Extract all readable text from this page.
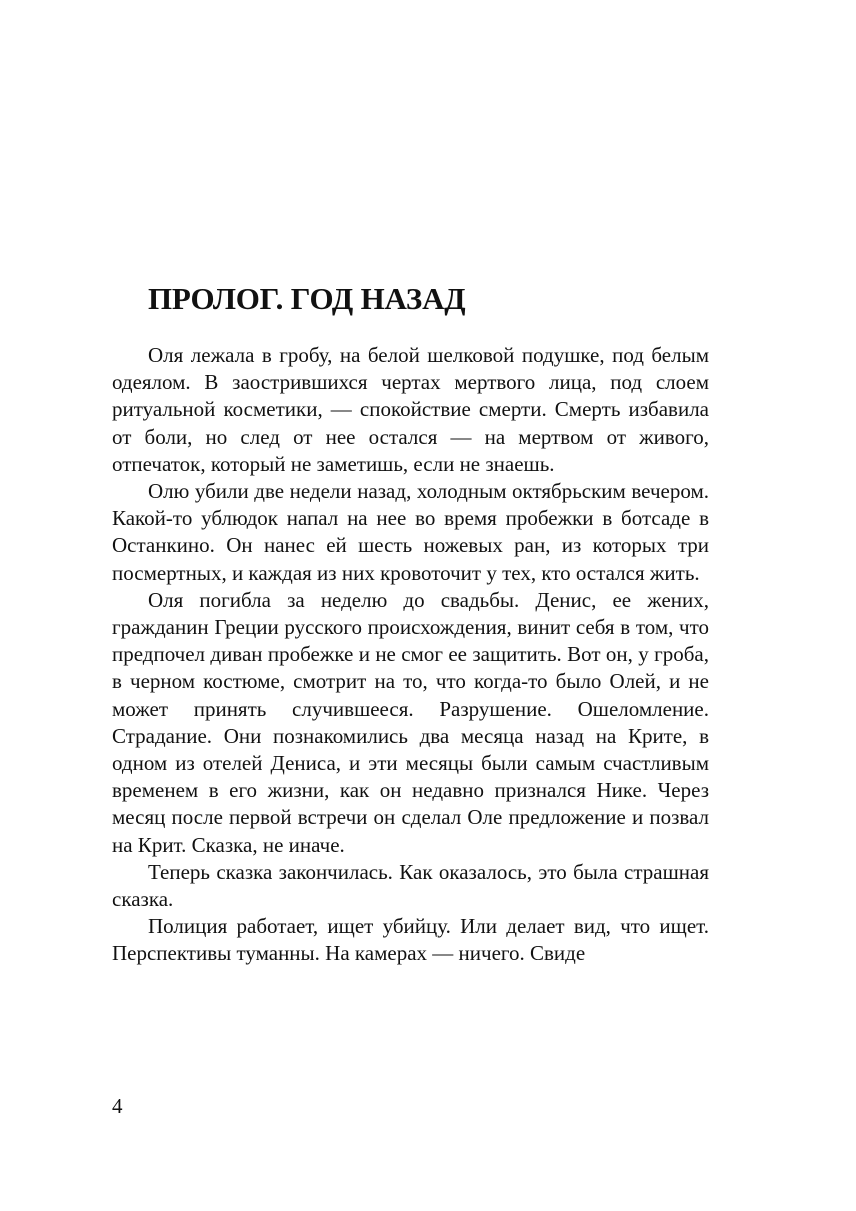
ПРОЛОГ. ГОД НАЗАД

Оля лежала в гробу, на белой шелковой подушке, под белым одеялом. В заострившихся чертах мертвого лица, под слоем ритуальной косметики, — спокойствие смерти. Смерть избавила от боли, но след от нее остался — на мертвом от живого, отпечаток, который не заметишь, если не знаешь.

Олю убили две недели назад, холодным октябрьским вечером. Какой-то ублюдок напал на нее во время пробежки в ботсаде в Останкино. Он нанес ей шесть ножевых ран, из которых три посмертных, и каждая из них кровоточит у тех, кто остался жить.

Оля погибла за неделю до свадьбы. Денис, ее жених, гражданин Греции русского происхождения, винит себя в том, что предпочел диван пробежке и не смог ее защитить. Вот он, у гроба, в черном костюме, смотрит на то, что когда-то было Олей, и не может принять случившееся. Разрушение. Ошеломление. Страдание. Они познакомились два месяца назад на Крите, в одном из отелей Дениса, и эти месяцы были самым счастливым временем в его жизни, как он недавно признался Нике. Через месяц после первой встречи он сделал Оле предложение и позвал на Крит. Сказка, не иначе.

Теперь сказка закончилась. Как оказалось, это была страшная сказка.

Полиция работает, ищет убийцу. Или делает вид, что ищет. Перспективы туманны. На камерах — ничего. Свиде

4
